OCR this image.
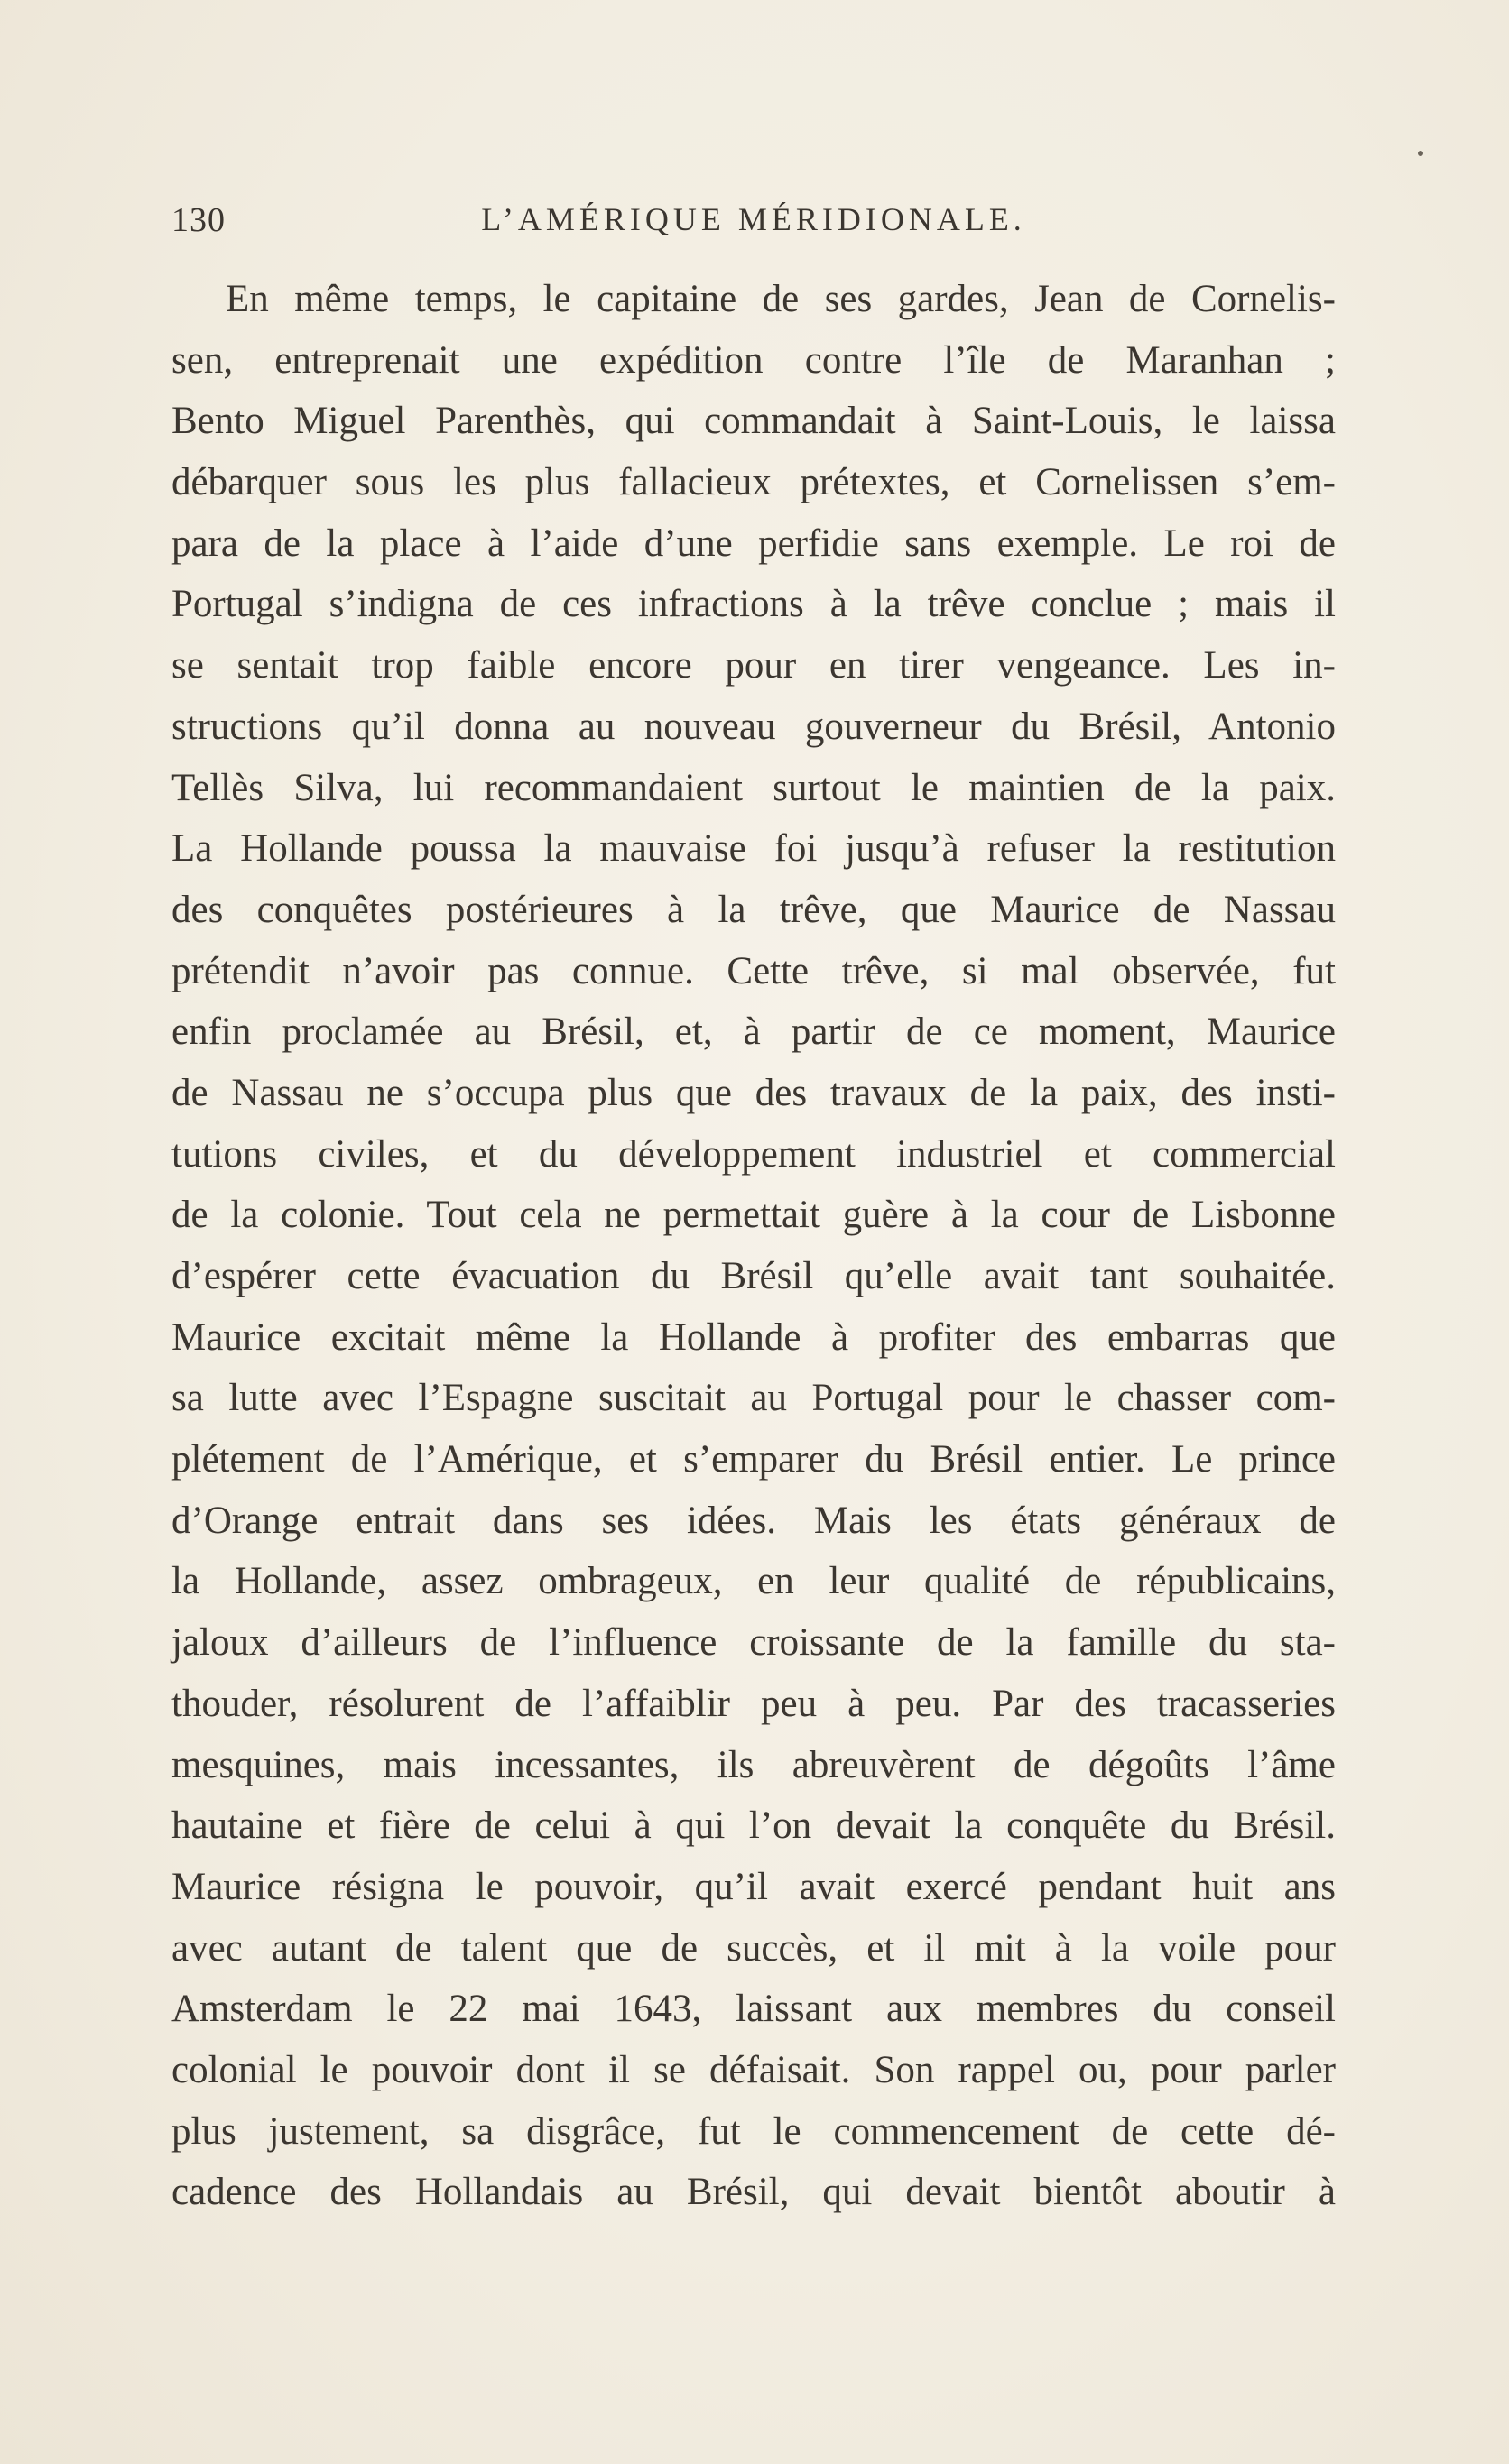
130	L’AMÉRIQUE MÉRIDIONALE.
En même temps, le capitaine de ses gardes, Jean de Cornelis-
sen, entreprenait une expédition contre l’île de Maranhan ;
Bento Miguel Parenthès, qui commandait à Saint-Louis, le laissa
débarquer sous les plus fallacieux prétextes, et Cornelissen s’em-
para de la place à l’aide d’une perfidie sans exemple. Le roi de
Portugal s’indigna de ces infractions à la trêve conclue ; mais il
se sentait trop faible encore pour en tirer vengeance. Les in-
structions qu’il donna au nouveau gouverneur du Brésil, Antonio
Tellès Silva, lui recommandaient surtout le maintien de la paix.
La Hollande poussa la mauvaise foi jusqu’à refuser la restitution
des conquêtes postérieures à la trêve, que Maurice de Nassau
prétendit n’avoir pas connue. Cette trêve, si mal observée, fut
enfin proclamée au Brésil, et, à partir de ce moment, Maurice
de Nassau ne s’occupa plus que des travaux de la paix, des insti-
tutions civiles, et du développement industriel et commercial
de la colonie. Tout cela ne permettait guère à la cour de Lisbonne
d’espérer cette évacuation du Brésil qu’elle avait tant souhaitée.
Maurice excitait même la Hollande à profiter des embarras que
sa lutte avec l’Espagne suscitait au Portugal pour le chasser com-
plétement de l’Amérique, et s’emparer du Brésil entier. Le prince
d’Orange entrait dans ses idées. Mais les états généraux de
la Hollande, assez ombrageux, en leur qualité de républicains,
jaloux d’ailleurs de l’influence croissante de la famille du sta-
thouder, résolurent de l’affaiblir peu à peu. Par des tracasseries
mesquines, mais incessantes, ils abreuvèrent de dégoûts l’âme
hautaine et fière de celui à qui l’on devait la conquête du Brésil.
Maurice résigna le pouvoir, qu’il avait exercé pendant huit ans
avec autant de talent que de succès, et il mit à la voile pour
Amsterdam le 22 mai 1643, laissant aux membres du conseil
colonial le pouvoir dont il se défaisait. Son rappel ou, pour parler
plus justement, sa disgrâce, fut le commencement de cette dé-
cadence des Hollandais au Brésil, qui devait bientôt aboutir à
